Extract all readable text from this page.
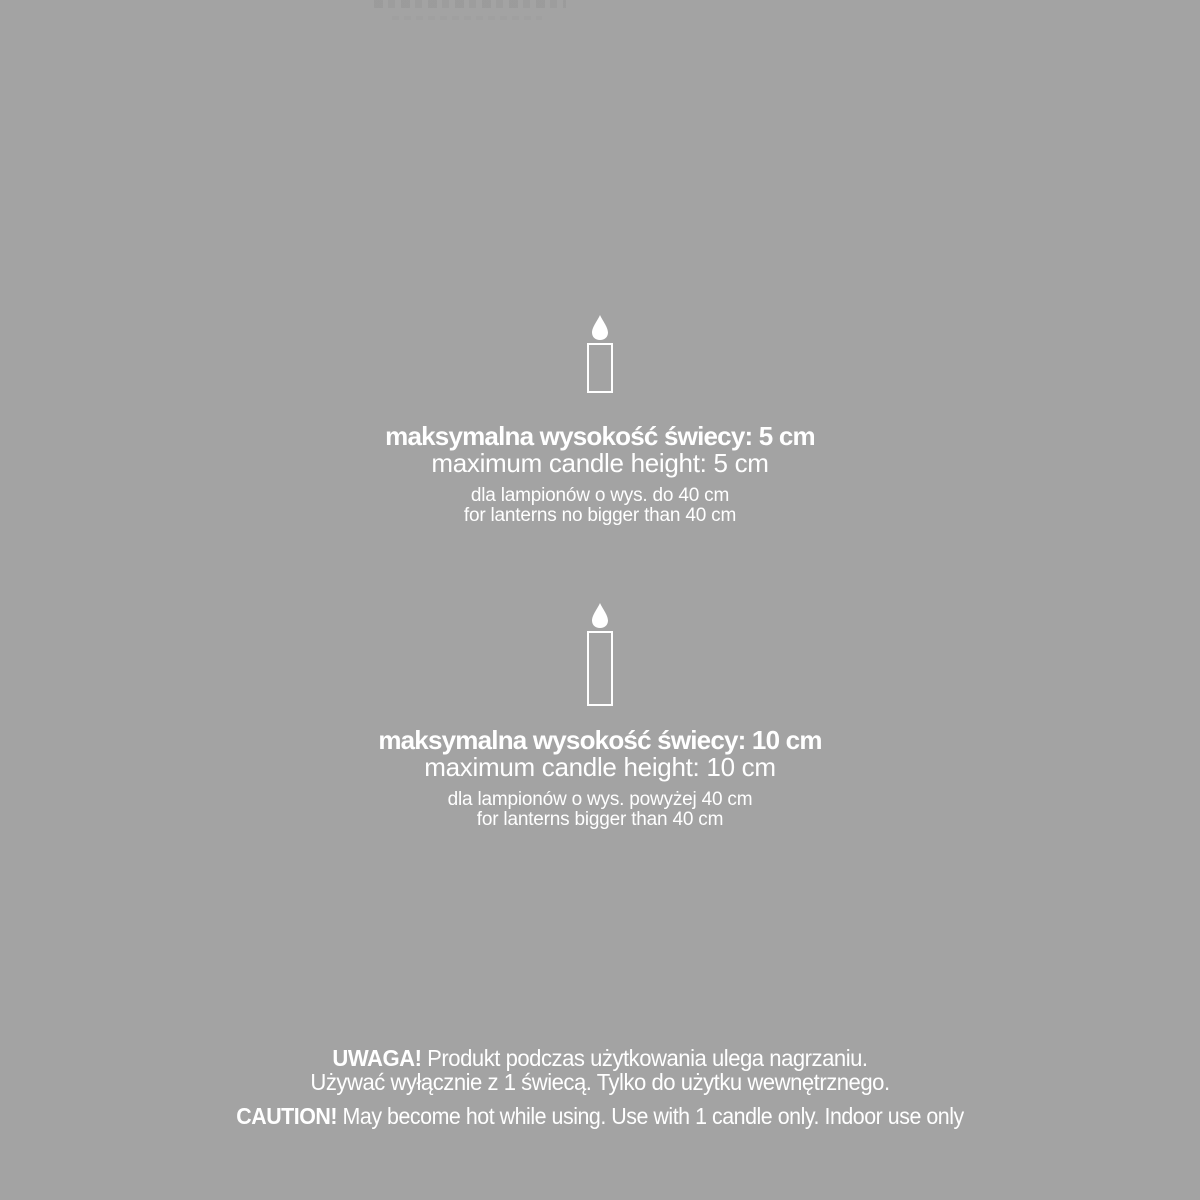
maksymalna wysokość świecy: 5 cm
maximum candle height: 5 cm
dla lampionów o wys. do 40 cm
for lanterns no bigger than 40 cm
maksymalna wysokość świecy: 10 cm
maximum candle height: 10 cm
dla lampionów o wys. powyżej 40 cm
for lanterns bigger than 40 cm
UWAGA! Produkt podczas użytkowania ulega nagrzaniu.
Używać wyłącznie z 1 świecą. Tylko do użytku wewnętrznego.
CAUTION! May become hot while using. Use with 1 candle only. Indoor use only
